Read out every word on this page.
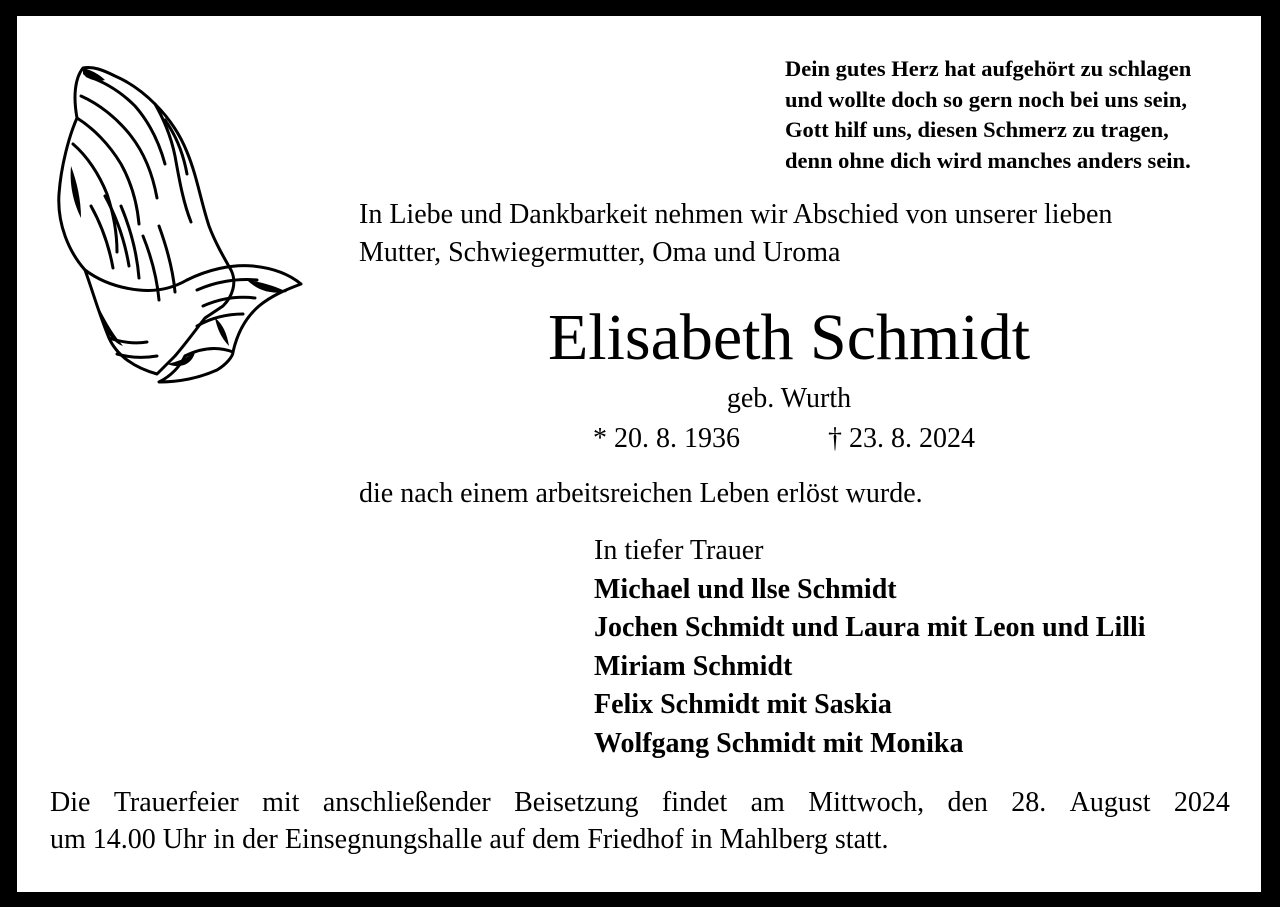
Dein gutes Herz hat aufgehört zu schlagen
und wollte doch so gern noch bei uns sein,
Gott hilf uns, diesen Schmerz zu tragen,
denn ohne dich wird manches anders sein.
In Liebe und Dankbarkeit nehmen wir Abschied von unserer lieben
Mutter, Schwiegermutter, Oma und Uroma
Elisabeth Schmidt
geb. Wurth
* 20. 8. 1936	† 23. 8. 2024
die nach einem arbeitsreichen Leben erlöst wurde.
In tiefer Trauer
Michael und llse Schmidt
Jochen Schmidt und Laura mit Leon und Lilli
Miriam Schmidt
Felix Schmidt mit Saskia
Wolfgang Schmidt mit Monika
Die Trauerfeier mit anschließender Beisetzung findet am Mittwoch, den 28. August 2024
um 14.00 Uhr in der Einsegnungshalle auf dem Friedhof in Mahlberg statt.
